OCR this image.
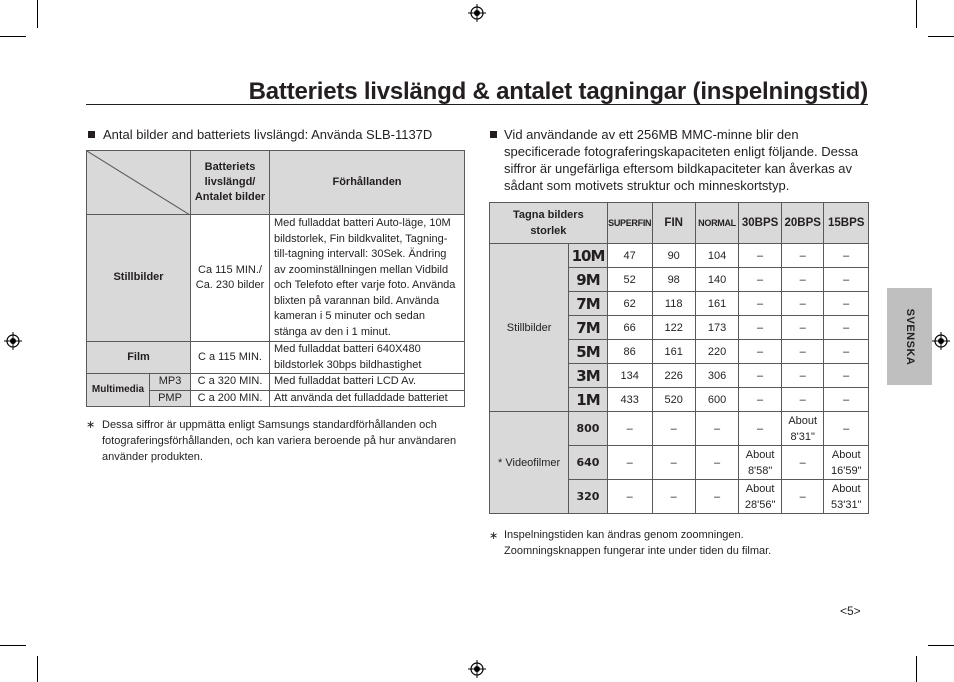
Batteriets livslängd & antalet tagningar (inspelningstid)
Antal bilder and batteriets livslängd: Använda SLB-1137D
	Batteriets livslängd/ Antalet bilder	Förhållanden
Stillbilder		Ca 115 MIN./ Ca. 230 bilder	Med fulladdat batteri Auto-läge, 10M bildstorlek, Fin bildkvalitet, Tagning-till-tagning intervall: 30Sek. Ändring av zoominställningen mellan Vidbild och Telefoto efter varje foto. Använda blixten på varannan bild. Använda kameran i 5 minuter och sedan stänga av den i 1 minut.
Film		C a 115 MIN.	Med fulladdat batteri 640X480 bildstorlek 30bps bildhastighet
Multimedia	MP3	C a 320 MIN.	Med fulladdat batteri LCD Av.
	PMP	C a 200 MIN.	Att använda det fulladdade batteriet
∗ Dessa siffror är uppmätta enligt Samsungs standardförhållanden och fotograferingsförhållanden, och kan variera beroende på hur användaren använder produkten.
Vid användande av ett 256MB MMC-minne blir den specificerade fotograferingskapaciteten enligt följande. Dessa siffror är ungefärliga eftersom bildkapaciteter kan åverkas av sådant som motivets struktur och minneskortstyp.
Tagna bilders storlek		SUPERFIN	FIN	NORMAL	30BPS	20BPS	15BPS
Stillbilder	10M	47	90	104	–	–	–
	9M	52	98	140	–	–	–
	7M	62	118	161	–	–	–
	7M	66	122	173	–	–	–
	5M	86	161	220	–	–	–
	3M	134	226	306	–	–	–
	1M	433	520	600	–	–	–
* Videofilmer	800	–	–	–	–	About 8'31"	–
	640	–	–	–	About 8'58"	–	About 16'59"
	320	–	–	–	About 28'56"	–	About 53'31"
∗ Inspelningstiden kan ändras genom zoomningen.
Zoomningsknappen fungerar inte under tiden du filmar.
SVENSKA
<5>
